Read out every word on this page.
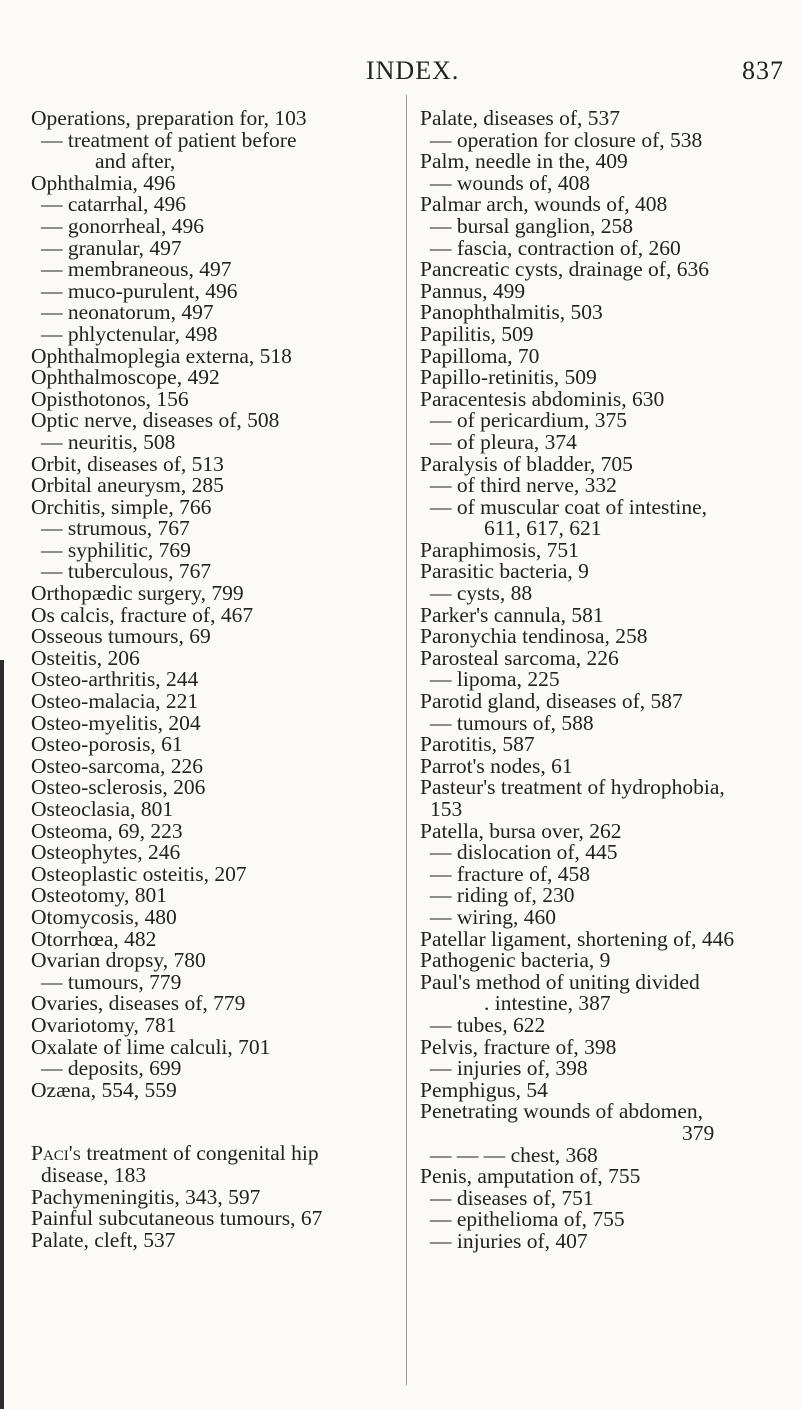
INDEX.	837
Operations, preparation for, 103
— treatment of patient before
and after,
Ophthalmia, 496
— catarrhal, 496
— gonorrheal, 496
— granular, 497
— membraneous, 497
— muco-purulent, 496
— neonatorum, 497
— phlyctenular, 498
Ophthalmoplegia externa, 518
Ophthalmoscope, 492
Opisthotonos, 156
Optic nerve, diseases of, 508
— neuritis, 508
Orbit, diseases of, 513
Orbital aneurysm, 285
Orchitis, simple, 766
— strumous, 767
— syphilitic, 769
— tuberculous, 767
Orthopædic surgery, 799
Os calcis, fracture of, 467
Osseous tumours, 69
Osteitis, 206
Osteo-arthritis, 244
Osteo-malacia, 221
Osteo-myelitis, 204
Osteo-porosis, 61
Osteo-sarcoma, 226
Osteo-sclerosis, 206
Osteoclasia, 801
Osteoma, 69, 223
Osteophytes, 246
Osteoplastic osteitis, 207
Osteotomy, 801
Otomycosis, 480
Otorrhœa, 482
Ovarian dropsy, 780
— tumours, 779
Ovaries, diseases of, 779
Ovariotomy, 781
Oxalate of lime calculi, 701
— deposits, 699
Ozæna, 554, 559
Paci's treatment of congenital hip
disease, 183
Pachymeningitis, 343, 597
Painful subcutaneous tumours, 67
Palate, cleft, 537
Palate, diseases of, 537
— operation for closure of, 538
Palm, needle in the, 409
— wounds of, 408
Palmar arch, wounds of, 408
— bursal ganglion, 258
— fascia, contraction of, 260
Pancreatic cysts, drainage of, 636
Pannus, 499
Panophthalmitis, 503
Papilitis, 509
Papilloma, 70
Papillo-retinitis, 509
Paracentesis abdominis, 630
— of pericardium, 375
— of pleura, 374
Paralysis of bladder, 705
— of third nerve, 332
— of muscular coat of intestine,
611, 617, 621
Paraphimosis, 751
Parasitic bacteria, 9
— cysts, 88
Parker's cannula, 581
Paronychia tendinosa, 258
Parosteal sarcoma, 226
— lipoma, 225
Parotid gland, diseases of, 587
— tumours of, 588
Parotitis, 587
Parrot's nodes, 61
Pasteur's treatment of hydrophobia,
153
Patella, bursa over, 262
— dislocation of, 445
— fracture of, 458
— riding of, 230
— wiring, 460
Patellar ligament, shortening of, 446
Pathogenic bacteria, 9
Paul's method of uniting divided
. intestine, 387
— tubes, 622
Pelvis, fracture of, 398
— injuries of, 398
Pemphigus, 54
Penetrating wounds of abdomen,
379
— — — chest, 368
Penis, amputation of, 755
— diseases of, 751
— epithelioma of, 755
— injuries of, 407
